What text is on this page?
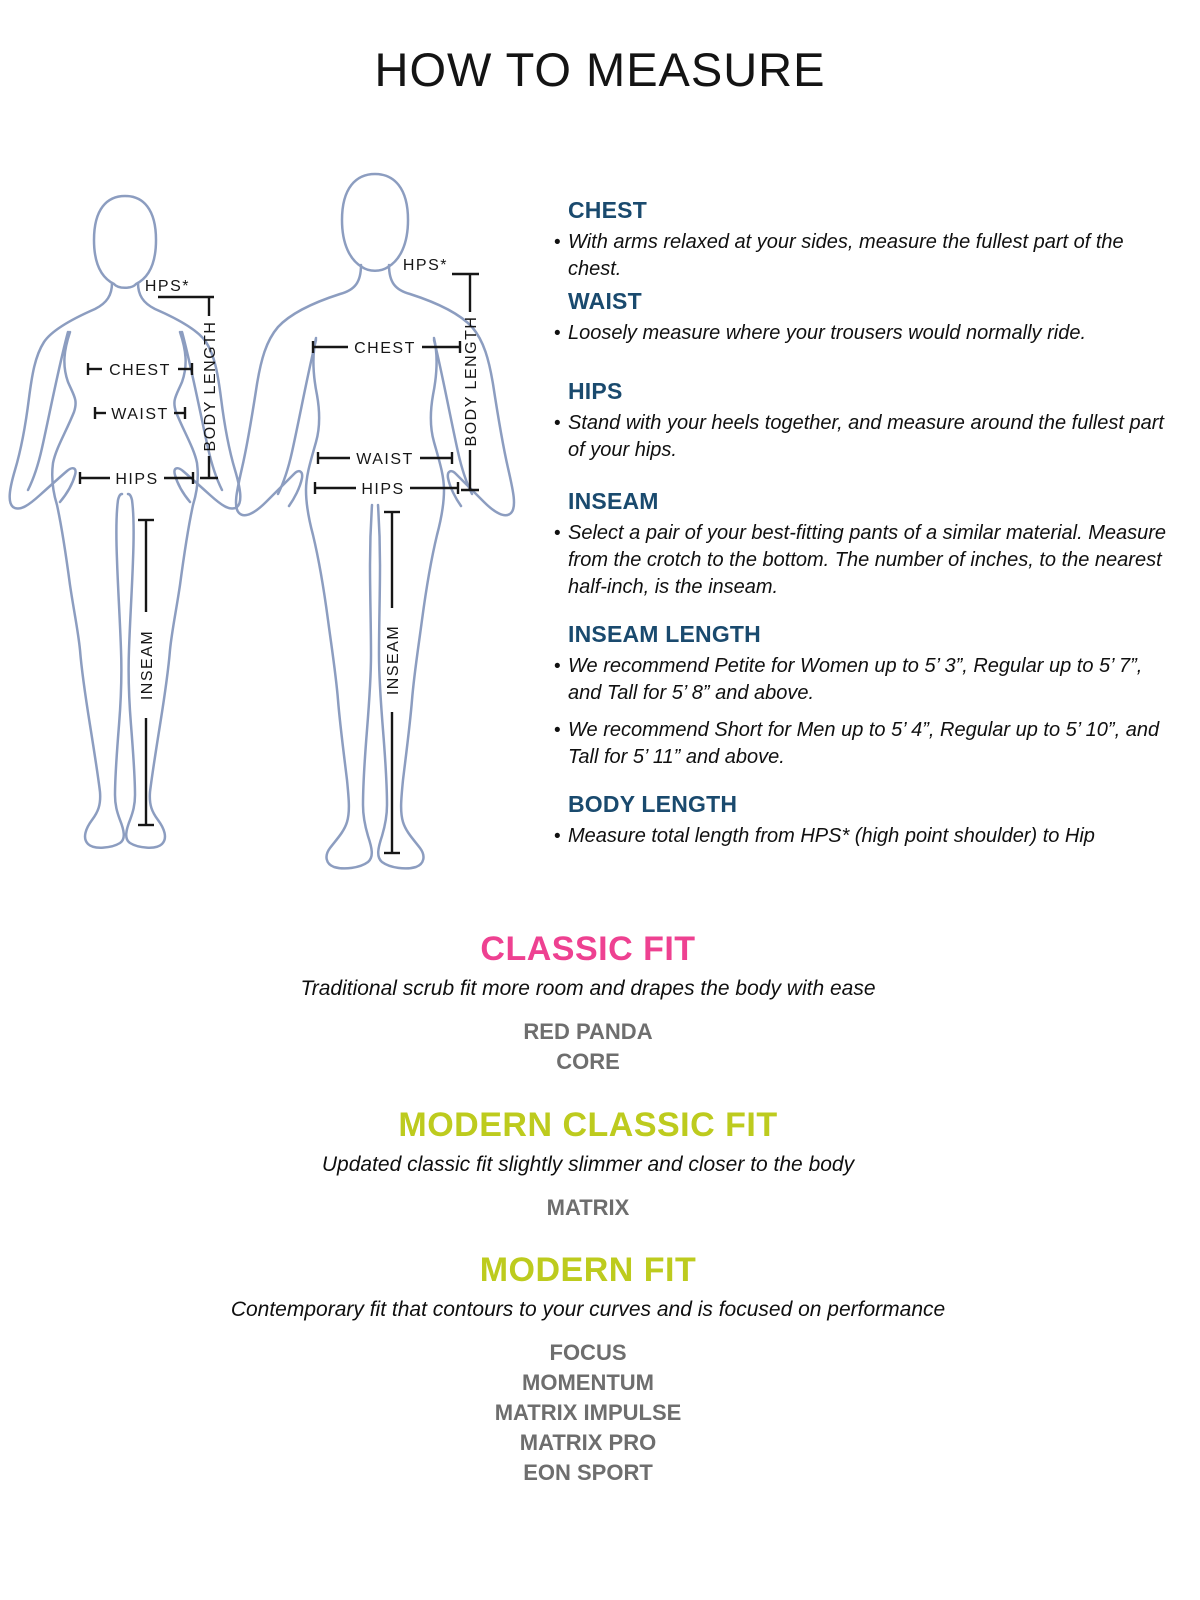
HOW TO MEASURE
HPS*
BODY LENGTH
CHEST
WAIST
HIPS
INSEAM
HPS*
BODY LENGTH
CHEST
WAIST
HIPS
INSEAM
CHEST

• With arms relaxed at your sides, measure the fullest part of the chest.

WAIST

• Loosely measure where your trousers would normally ride.

HIPS

• Stand with your heels together, and measure around the fullest part of your hips.

INSEAM

• Select a pair of your best-fitting pants of a similar material. Measure from the crotch to the bottom. The number of inches, to the nearest half-inch, is the inseam.

INSEAM LENGTH

• We recommend Petite for Women up to 5’ 3”, Regular up to 5’ 7”, and Tall for 5’ 8” and above.

• We recommend Short for Men up to 5’ 4”, Regular up to 5’ 10”, and Tall for 5’ 11” and above.

BODY LENGTH

• Measure total length from HPS* (high point shoulder) to Hip

CLASSIC FIT

Traditional scrub fit more room and drapes the body with ease

RED PANDA
CORE
MODERN CLASSIC FIT

Updated classic fit slightly slimmer and closer to the body

MATRIX
MODERN FIT

Contemporary fit that contours to your curves and is focused on performance

FOCUS
MOMENTUM
MATRIX IMPULSE
MATRIX PRO
EON SPORT
